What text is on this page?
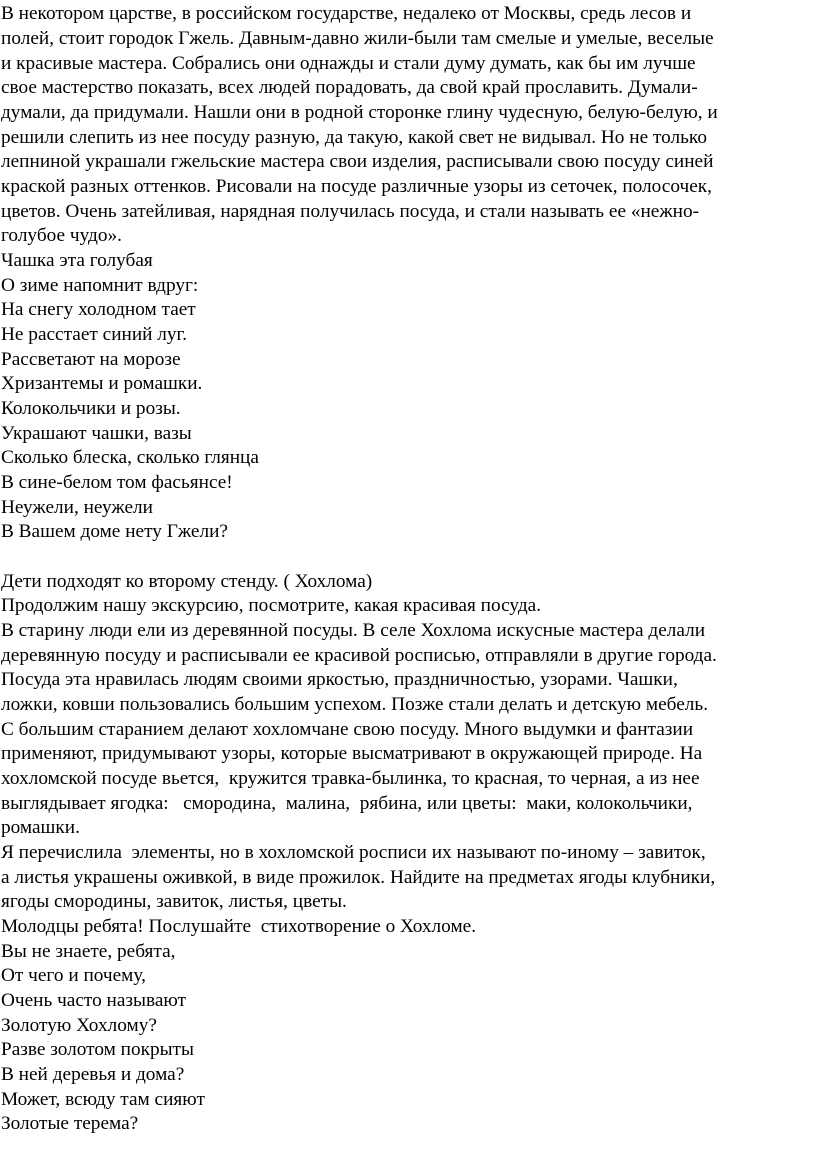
В некотором царстве, в российском государстве, недалеко от Москвы, средь лесов и

полей, стоит городок Гжель. Давным-давно жили-были там смелые и умелые, веселые

и красивые мастера. Собрались они однажды и стали думу думать, как бы им лучше

свое мастерство показать, всех людей порадовать, да свой край прославить. Думали-

думали, да придумали. Нашли они в родной сторонке глину чудесную, белую-белую, и

решили слепить из нее посуду разную, да такую, какой свет не видывал. Но не только

лепниной украшали гжельские мастера свои изделия, расписывали свою посуду синей

краской разных оттенков. Рисовали на посуде различные узоры из сеточек, полосочек,

цветов. Очень затейливая, нарядная получилась посуда, и стали называть ее «нежно-

голубое чудо».

Чашка эта голубая

О зиме напомнит вдруг:

На снегу холодном тает

Не расстает синий луг.

Рассветают на морозе

Хризантемы и ромашки.

Колокольчики и розы.

Украшают чашки, вазы

Сколько блеска, сколько глянца

В сине-белом том фасьянсе!

Неужели, неужели

В Вашем доме нету Гжели?

Дети подходят ко второму стенду. ( Хохлома)

Продолжим нашу экскурсию, посмотрите, какая красивая посуда.

В старину люди ели из деревянной посуды. В селе Хохлома искусные мастера делали

деревянную посуду и расписывали ее красивой росписью, отправляли в другие города.

Посуда эта нравилась людям своими яркостью, праздничностью, узорами. Чашки,

ложки, ковши пользовались большим успехом. Позже стали делать и детскую мебель.

С большим старанием делают хохломчане свою посуду. Много выдумки и фантазии

применяют, придумывают узоры, которые высматривают в окружающей природе. На

хохломской посуде вьется,  кружится травка-былинка, то красная, то черная, а из нее

выглядывает ягодка:   смородина,  малина,  рябина, или цветы:  маки, колокольчики,

ромашки.

Я перечислила  элементы, но в хохломской росписи их называют по-иному – завиток,

а листья украшены оживкой, в виде прожилок. Найдите на предметах ягоды клубники,

ягоды смородины, завиток, листья, цветы.

Молодцы ребята! Послушайте  стихотворение о Хохломе.

Вы не знаете, ребята,

От чего и почему,

Очень часто называют

Золотую Хохлому?

Разве золотом покрыты

В ней деревья и дома?

Может, всюду там сияют

Золотые терема?
